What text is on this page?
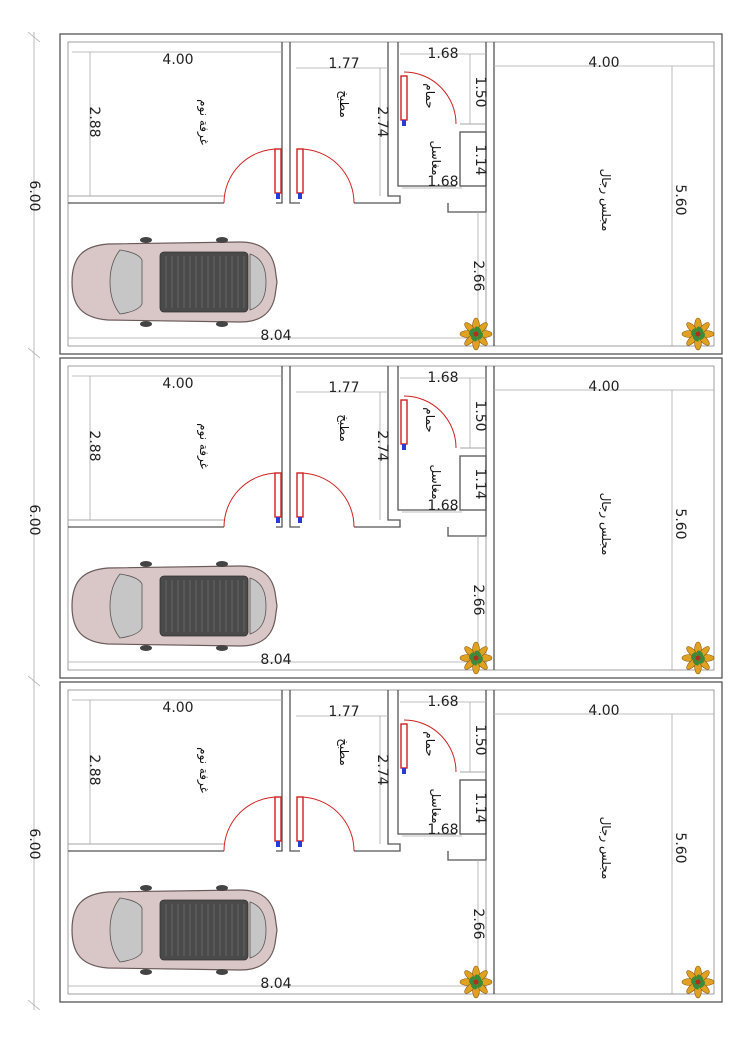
4.00	1.77
1.68
4.00
1.68
8.04
2.88	2.74
1.50
1.14
2.66
5.60
غرفة نوم	مطبخ	حمام
مغاسل
مجلس رجال
6.00
4.00	1.77
1.68
4.00
1.68
8.04
2.88	2.74
1.50
1.14
2.66
5.60
غرفة نوم	مطبخ	حمام
مغاسل
مجلس رجال
6.00
4.00	1.77
1.68
4.00
1.68
8.04
2.88	2.74
1.50
1.14
2.66
5.60
غرفة نوم	مطبخ	حمام
مغاسل
مجلس رجال
6.00
